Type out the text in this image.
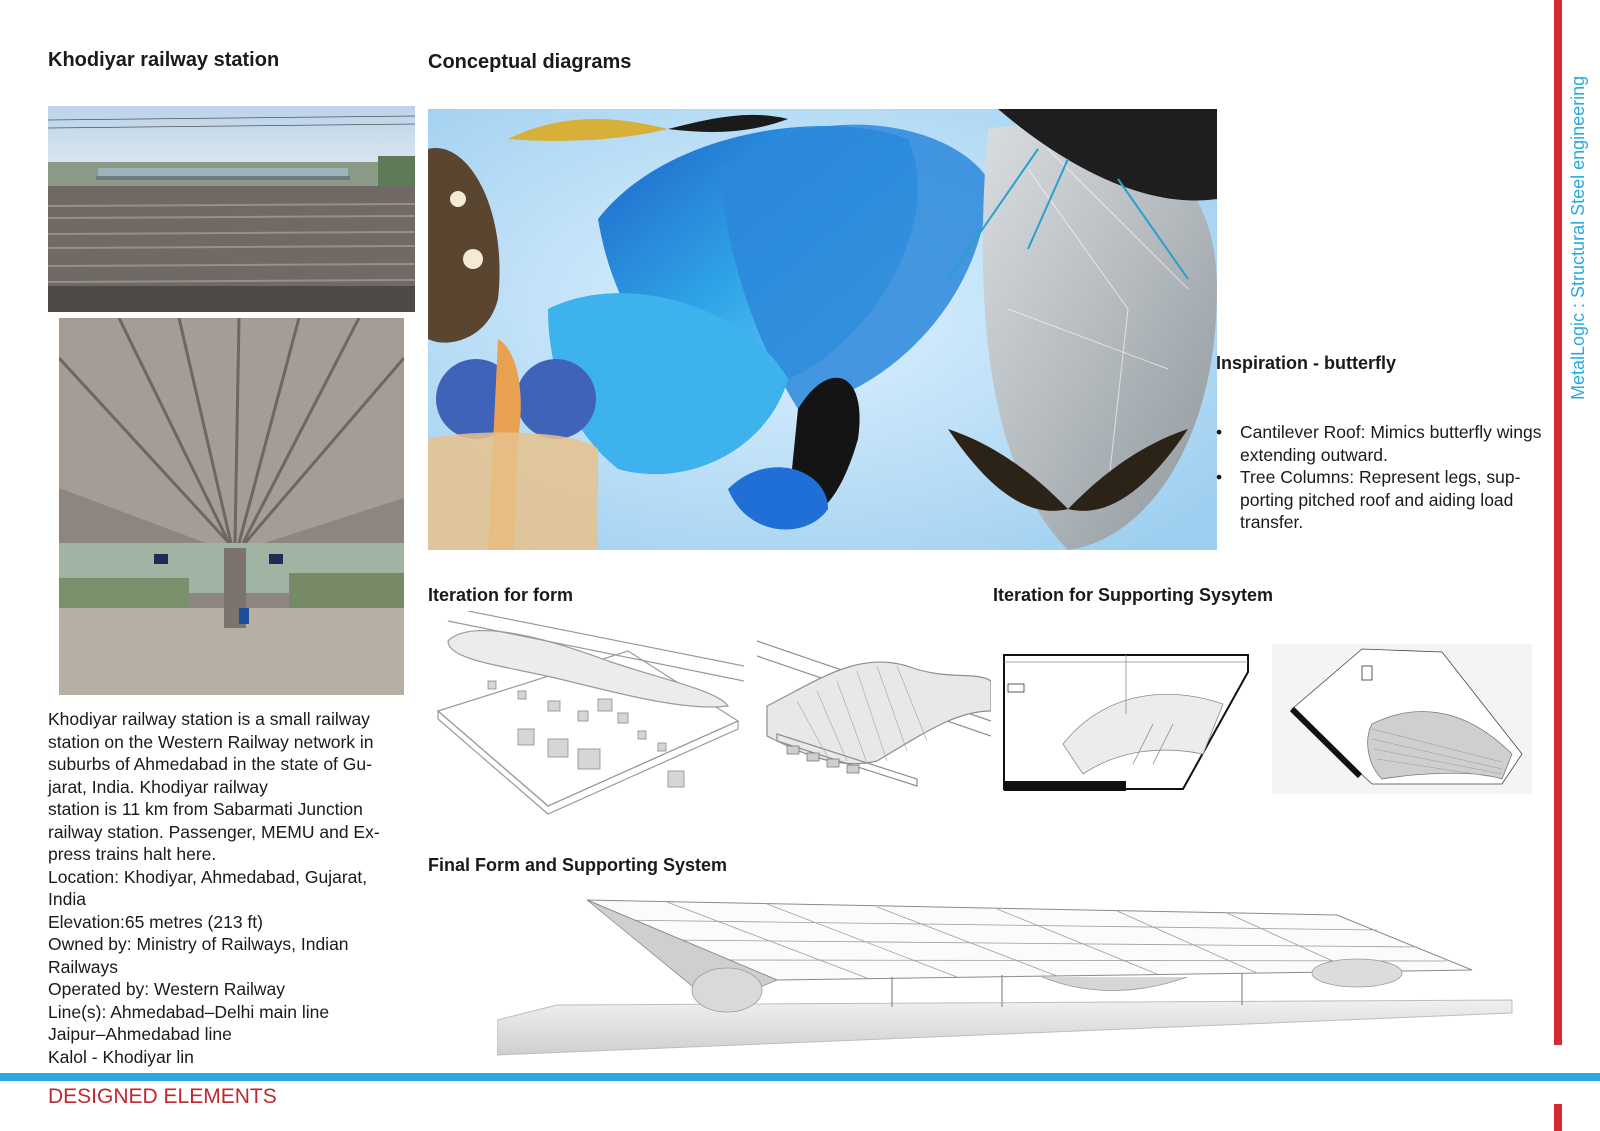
Khodiyar railway station	Conceptual diagrams
Khodiyar railway station is a small railway
station on the Western Railway network in
suburbs of Ahmedabad in the state of Gu-
jarat, India. Khodiyar railway
station is 11 km from Sabarmati Junction
railway station. Passenger, MEMU and Ex-
press trains halt here.
Location: Khodiyar, Ahmedabad, Gujarat,
India
Elevation:65 metres (213 ft)
Owned by: Ministry of Railways, Indian
Railways
Operated by: Western Railway
Line(s): Ahmedabad–Delhi main line
Jaipur–Ahmedabad line
Kalol - Khodiyar lin
Inspiration - butterfly
• Cantilever Roof: Mimics butterfly wings extending outward.
• Tree Columns: Represent legs, sup-porting pitched roof and aiding load transfer.
Iteration for form	Iteration for Supporting Sysytem
Final Form and Supporting System
MetalLogic : Structural Steel engineering
DESIGNED ELEMENTS
